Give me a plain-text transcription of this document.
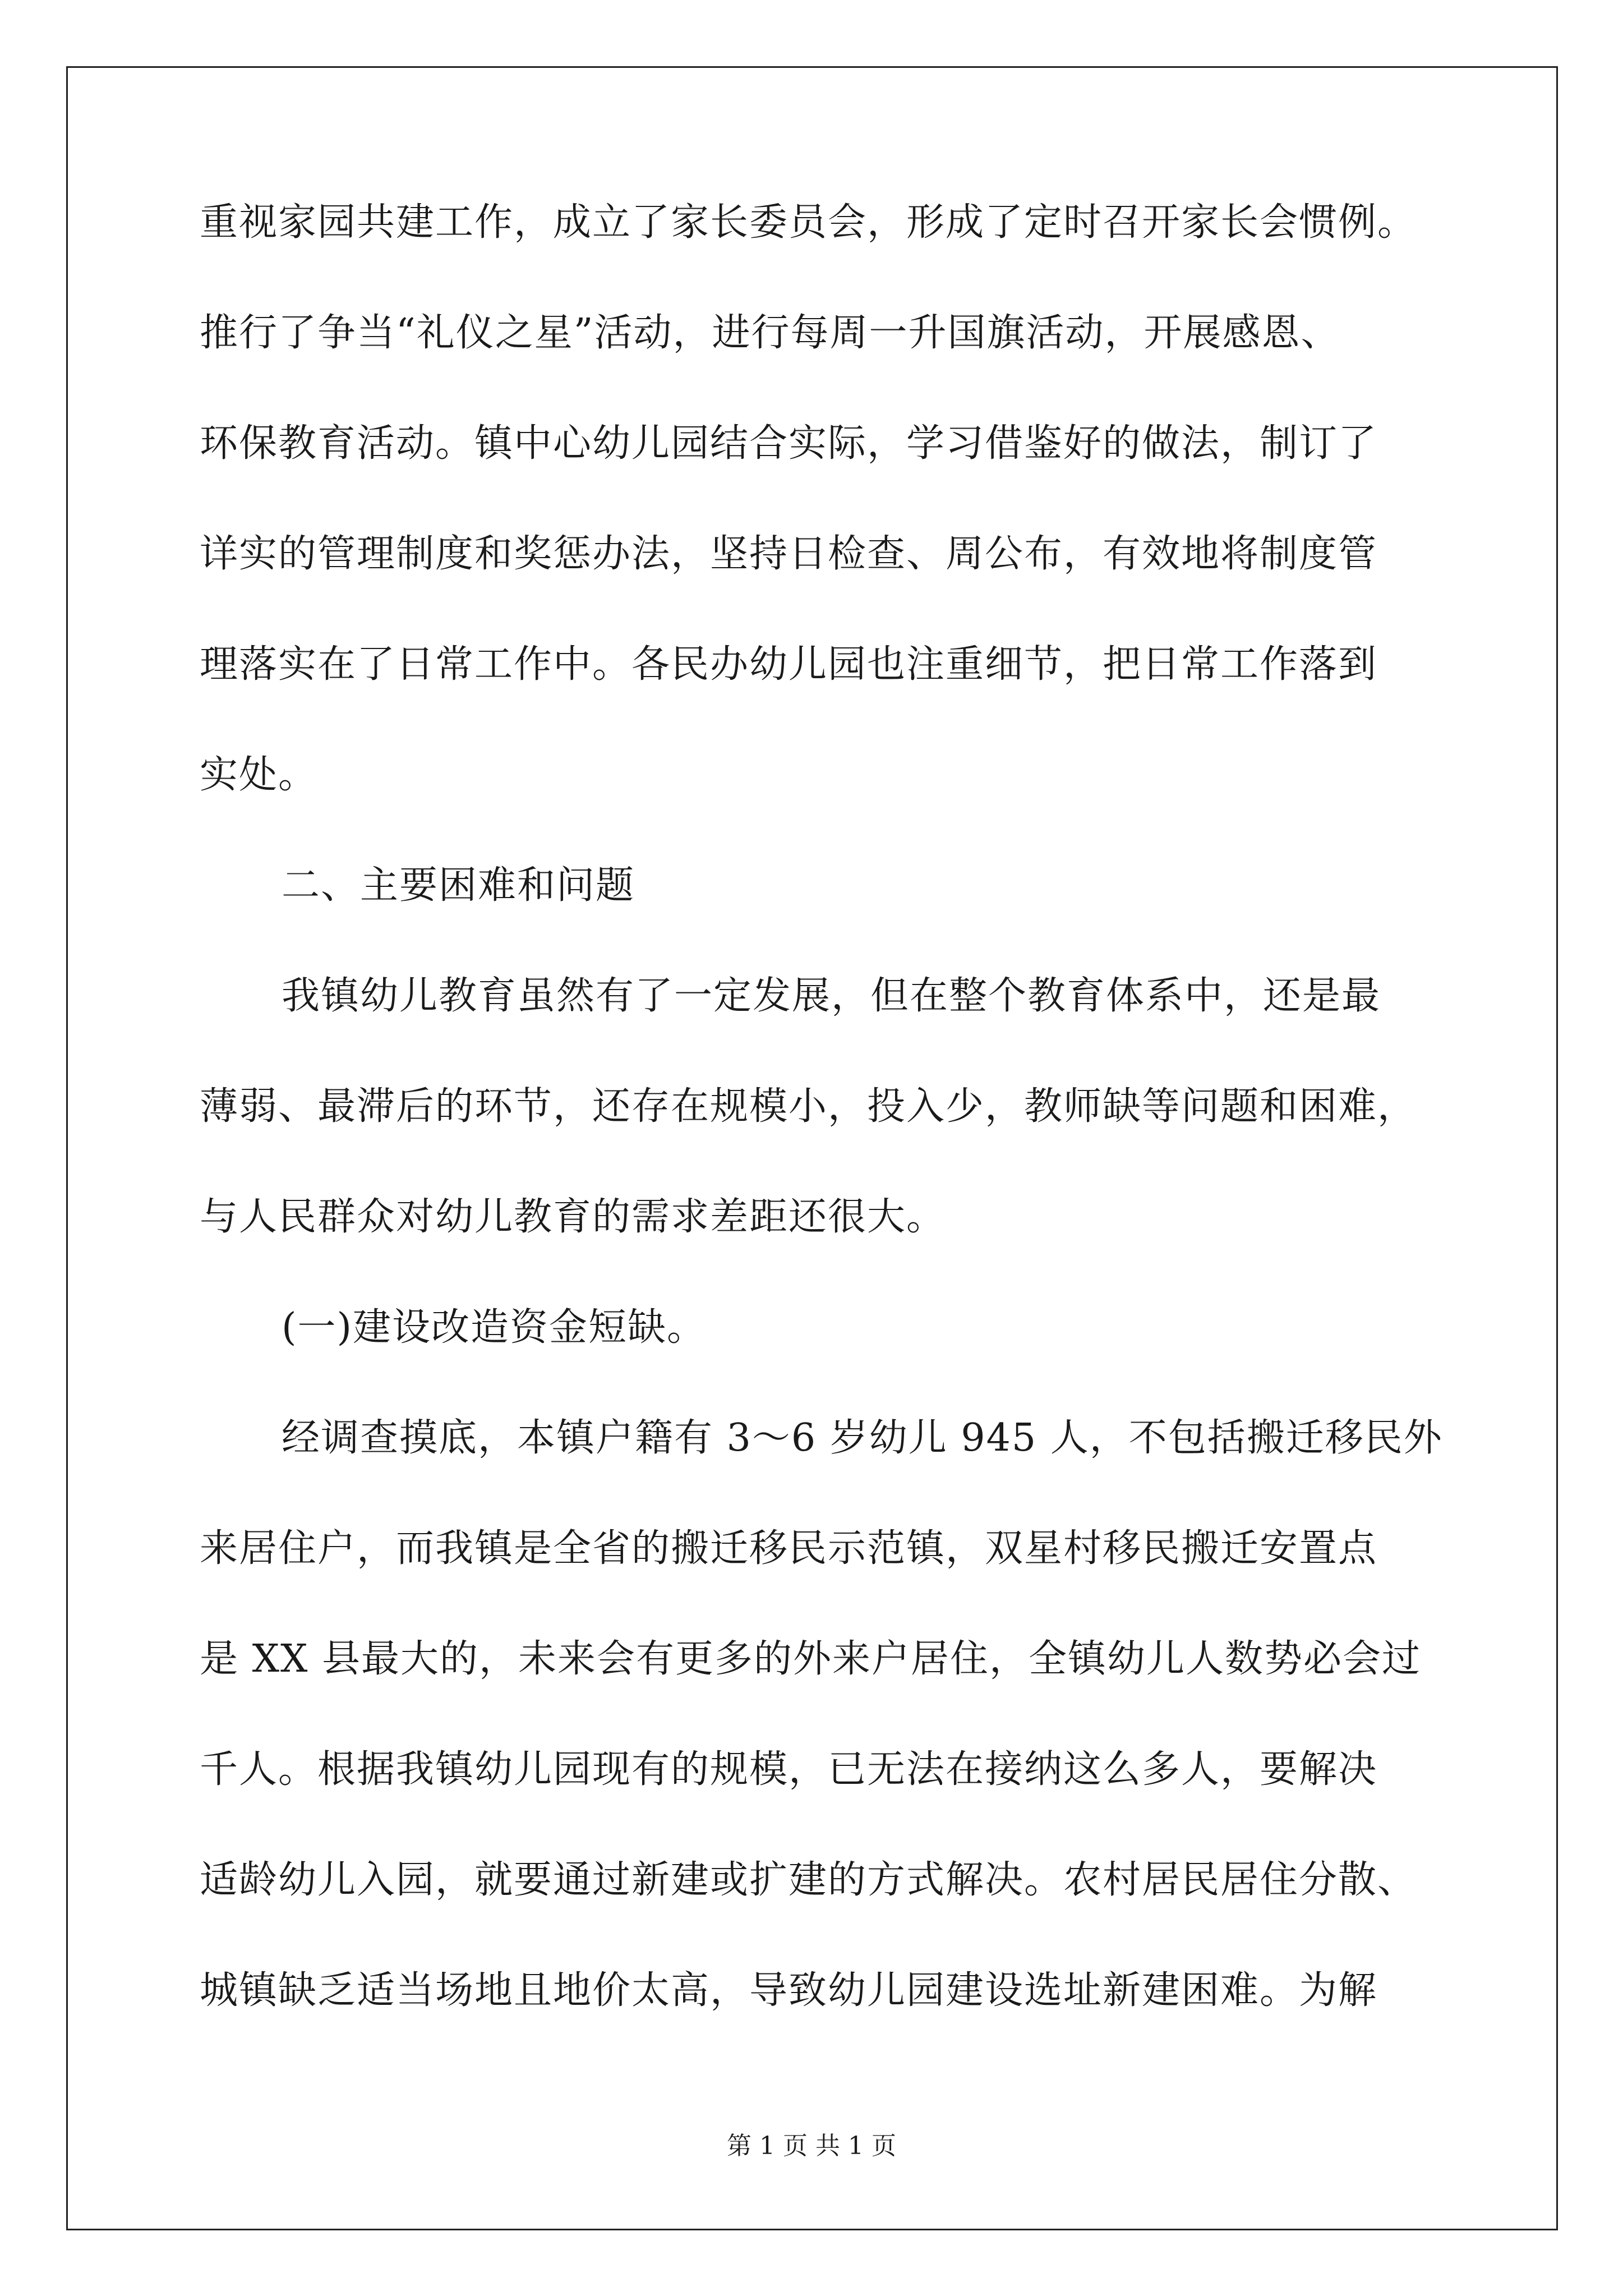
重视家园共建工作，成立了家长委员会，形成了定时召开家长会惯例。
推行了争当“礼仪之星”活动，进行每周一升国旗活动，开展感恩、
环保教育活动。镇中心幼儿园结合实际，学习借鉴好的做法，制订了
详实的管理制度和奖惩办法，坚持日检查、周公布，有效地将制度管
理落实在了日常工作中。各民办幼儿园也注重细节，把日常工作落到
实处。
二、主要困难和问题
我镇幼儿教育虽然有了一定发展，但在整个教育体系中，还是最
薄弱、最滞后的环节，还存在规模小，投入少，教师缺等问题和困难，
与人民群众对幼儿教育的需求差距还很大。
(一)建设改造资金短缺。
经调查摸底，本镇户籍有 3～6 岁幼儿 945 人，不包括搬迁移民外
来居住户，而我镇是全省的搬迁移民示范镇，双星村移民搬迁安置点
是 XX 县最大的，未来会有更多的外来户居住，全镇幼儿人数势必会过
千人。根据我镇幼儿园现有的规模，已无法在接纳这么多人，要解决
适龄幼儿入园，就要通过新建或扩建的方式解决。农村居民居住分散、
城镇缺乏适当场地且地价太高，导致幼儿园建设选址新建困难。为解
第 1 页 共 1 页
